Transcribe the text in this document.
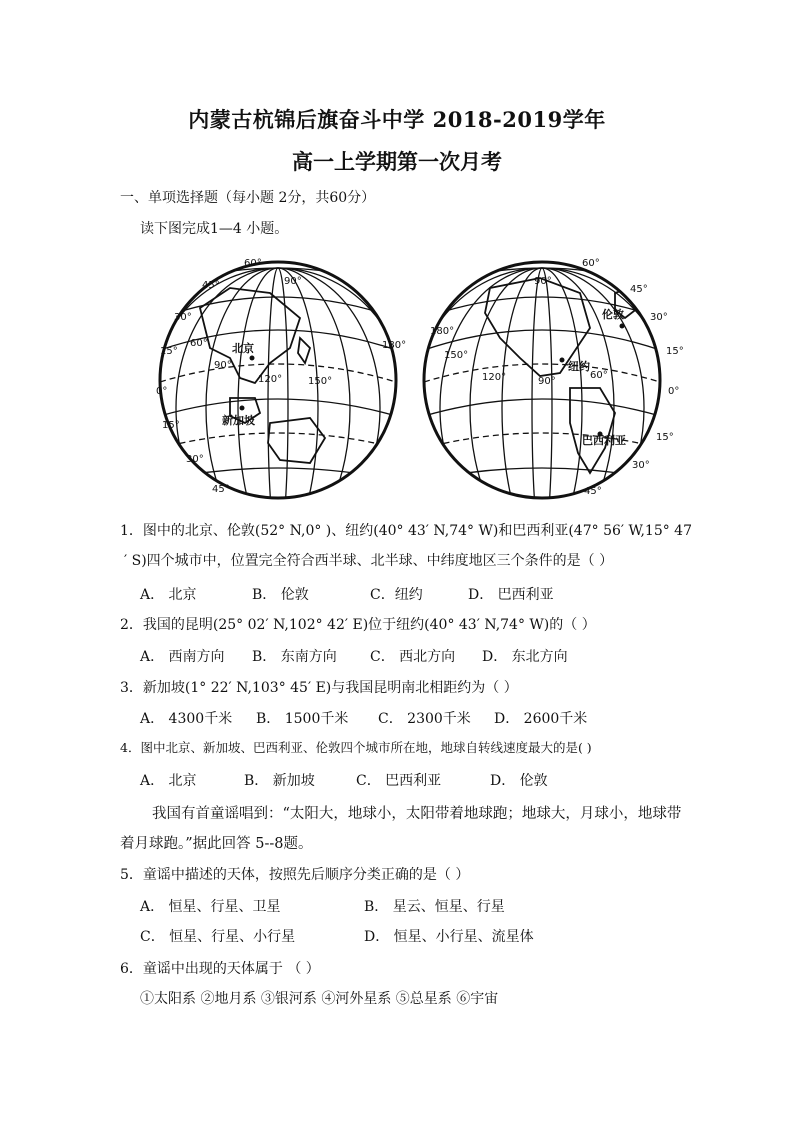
内蒙古杭锦后旗奋斗中学 2018-2019学年
高一上学期第一次月考
一、单项选择题（每小题 2分，共60分）
读下图完成1—4 小题。
60°
45°
30°
15°
0°
15°
30°
45°
90°
60°
90°
120°	150°
180°
北京
新加坡
60°
45°
30°
15°
0°
15°
30°
45°
90°
180°
150°
120°	90°
60°
伦敦
纽约
巴西利亚
1．图中的北京、伦敦(52° N,0° )、纽约(40° 43′ N,74° W)和巴西利亚(47° 56′ W,15° 47
′ S)四个城市中，位置完全符合西半球、北半球、中纬度地区三个条件的是（ ）
A． 北京	B． 伦敦	C．纽约	D． 巴西利亚
2．我国的昆明(25° 02′ N,102° 42′ E)位于纽约(40° 43′ N,74° W)的（ ）
A． 西南方向 B． 东南方向 C． 西北方向 D． 东北方向
3．新加坡(1° 22′ N,103° 45′ E)与我国昆明南北相距约为（ ）
A． 4300千米 B． 1500千米 C． 2300千米 D． 2600千米
4．图中北京、新加坡、巴西利亚、伦敦四个城市所在地，地球自转线速度最大的是( )
A． 北京	B． 新加坡	C． 巴西利亚	D． 伦敦
我国有首童谣唱到：“太阳大，地球小，太阳带着地球跑；地球大，月球小，地球带
着月球跑。”据此回答 5--8题。
5．童谣中描述的天体，按照先后顺序分类正确的是（ ）
A． 恒星、行星、卫星	B． 星云、恒星、行星
C． 恒星、行星、小行星	D． 恒星、小行星、流星体
6．童谣中出现的天体属于 （ ）
①太阳系 ②地月系 ③银河系 ④河外星系 ⑤总星系 ⑥宇宙
